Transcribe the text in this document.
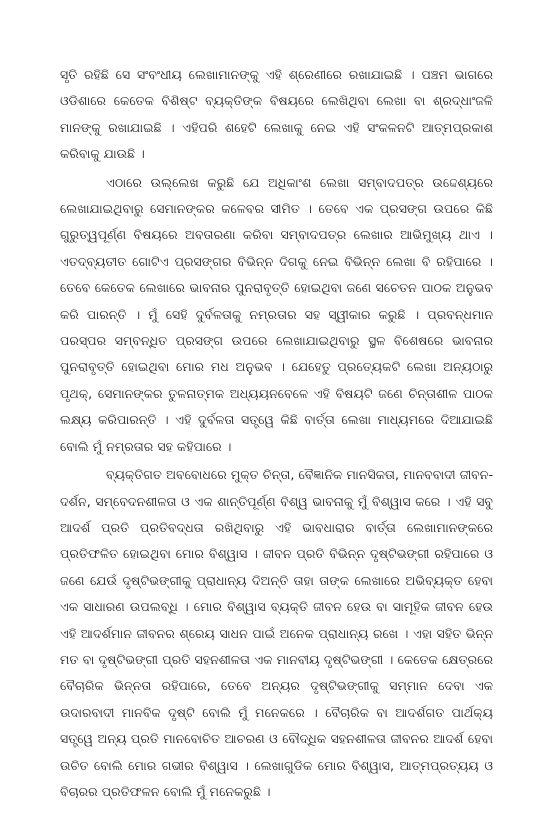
ସୃତି ରହିଛି ସେ ସଂବଂଧୀୟ ଲେଖାମାନଙ୍କୁ ଏହି ଶ୍ରେଣୀରେ ରଖାଯାଇଛି । ପଞ୍ଚମ ଭାଗରେ ଓଡିଶାରେ କେତେକ ବିଶିଷ୍ଟ ବ୍ୟକ୍ତିଙ୍କ ବିଷୟରେ ଲେଖିଥିବା ଲେଖା ବା ଶ୍ରଦ୍ଧାଂଜଳି ମାନଙ୍କୁ ରଖାଯାଇଛି । ଏହିପରି ଶହେଟି ଲେଖାକୁ ନେଇ ଏହି ସଂକଳନଟି ଆତ୍ମପ୍ରକାଶ କରିବାକୁ ଯାଉଛି ।

ଏଠାରେ ଉଲ୍ଲେଖ କରୁଛି ଯେ ଅଧିକାଂଶ ଲେଖା ସମ୍ବାଦପତ୍ର ଉଦ୍ଦେଶ୍ୟରେ ଲେଖାଯାଇଥିବାରୁ ସେମାନଙ୍କର କଳେବର ସୀମିତ । ତେବେ ଏକ ପ୍ରସଙ୍ଗ ଉପରେ କିଛି ଗୁରୁତ୍ୱପୂର୍ଣ୍ଣ ବିଷୟରେ ଅବତାରଣା କରିବା ସମ୍ବାଦପତ୍ର ଲେଖାର ଆଭିମୁଖ୍ୟ ଥାଏ । ଏତଦ୍‌ବ୍ୟତୀତ ଗୋଟିଏ ପ୍ରସଙ୍ଗର ବିଭିନ୍ନ ଦିଗକୁ ନେଇ ବିଭିନ୍ନ ଲେଖା ବି ରହିପାରେ । ତେବେ କେତେକ ଲେଖାରେ ଭାବନାର ପୁନରାବୃତ୍ତି ହୋଇଥିବା ଜଣେ ସଚେତନ ପାଠକ ଅନୁଭବ କରି ପାରନ୍ତି । ମୁଁ ସେହି ଦୁର୍ବଳତାକୁ ନମ୍ରତାର ସହ ସ୍ୱୀକାର କରୁଛି । ପ୍ରବନ୍ଧମାନ ପରସ୍ପର ସମ୍ବନ୍ଧିତ ପ୍ରସଙ୍ଗ ଉପରେ ଲେଖାଯାଇଥିବାରୁ ସ୍ଥଳ ବିଶେଷରେ ଭାବନାର ପୁନରାବୃତ୍ତି ହୋଇଥିବା ମୋର ମଧ ଅନୁଭବ । ଯେହେତୁ ପ୍ରତ୍ୟେକଟି ଲେଖା ଅନ୍ୟଠାରୁ ପୃଥକ୍, ସେମାନଙ୍କର ତୁଳନାତ୍ମକ ଅଧ୍ୟୟନବେଳେ ଏହି ବିଷୟଟି ଜଣେ ଚିନ୍ତାଶୀଳ ପାଠକ ଲକ୍ଷ୍ୟ କରିପାରନ୍ତି । ଏହି ଦୁର୍ବଳତା ସତ୍ତ୍ୱେ କିଛି ବାର୍ତ୍ତା ଲେଖା ମାଧ୍ୟମରେ ଦିଆଯାଇଛି ବୋଲି ମୁଁ ନମ୍ରତାର ସହ କହିପାରେ ।

ବ୍ୟକ୍ତିଗତ ଅବବୋଧରେ ମୁକ୍ତ ଚିନ୍ତା, ବୈଜ୍ଞାନିକ ମାନସିକତା, ମାନବବାଦୀ ଜୀବନ-ଦର୍ଶନ, ସମ୍ବେଦନଶୀଳତା ଓ ଏକ ଶାନ୍ତିପୂର୍ଣ୍ଣ ବିଶ୍ୱ ଭାବନାକୁ ମୁଁ ବିଶ୍ୱାସ କରେ । ଏହି ସବୁ ଆଦର୍ଶ ପ୍ରତି ପ୍ରତିବଦ୍ଧତା ରଖିଥିବାରୁ ଏହି ଭାବଧାରାର ବାର୍ତ୍ତା ଲେଖାମାନଙ୍କରେ ପ୍ରତିଫଳିତ ହୋଇଥିବା ମୋର ବିଶ୍ୱାସ । ଜୀବନ ପ୍ରତି ବିଭିନ୍ନ ଦୃଷ୍ଟିଭଙ୍ଗୀ ରହିପାରେ ଓ ଜଣେ ଯେଉଁ ଦୃଷ୍ଟିଭଙ୍ଗୀକୁ ପ୍ରାଧାନ୍ୟ ଦିଅନ୍ତି ତାହା ତାଙ୍କ ଲେଖାରେ ଅଭିବ୍ୟକ୍ତ ହେବା ଏକ ସାଧାରଣ ଉପଲବ୍ଧି । ମୋର ବିଶ୍ୱାସ ବ୍ୟକ୍ତି ଜୀବନ ହେଉ ବା ସାମୂହିକ ଜୀବନ ହେଉ ଏହି ଆଦର୍ଶମାନ ଜୀବନର ଶ୍ରେୟ ସାଧନ ପାଇଁ ଅନେକ ପ୍ରାଧାନ୍ୟ ରଖେ । ଏହା ସହିତ ଭିନ୍ନ ମତ ବା ଦୃଷ୍ଟିଭଙ୍ଗୀ ପ୍ରତି ସହନଶୀଳତା ଏକ ମାନବୀୟ ଦୃଷ୍ଟିଭଙ୍ଗୀ । କେତେକ କ୍ଷେତ୍ରରେ ବୈଚାରିକ ଭିନ୍ନତା ରହିପାରେ, ତେବେ ଅନ୍ୟର ଦୃଷ୍ଟିଭଙ୍ଗୀକୁ ସମ୍ମାନ ଦେବା ଏକ ଉଦାରବାଦୀ ମାନବିକ ଦୃଷ୍ଟି ବୋଲି ମୁଁ ମନେକରେ । ବୈଚାରିକ ବା ଆଦର୍ଶଗତ ପାର୍ଥକ୍ୟ ସତ୍ତ୍ୱେ ଅନ୍ୟ ପ୍ରତି ମାନବୋଚିତ ଆଚରଣ ଓ ବୌଦ୍ଧିକ ସହନଶୀଳତା ଜୀବନର ଆଦର୍ଶ ହେବା ଉଚିତ ବୋଲି ମୋର ଗଭୀର ବିଶ୍ୱାସ । ଲେଖାଗୁଡିକ ମୋର ବିଶ୍ୱାସ, ଆତ୍ମପ୍ରତ୍ୟୟ ଓ ବିଚାରର ପ୍ରତିଫଳନ ବୋଲି ମୁଁ ମନେକରୁଛି ।
